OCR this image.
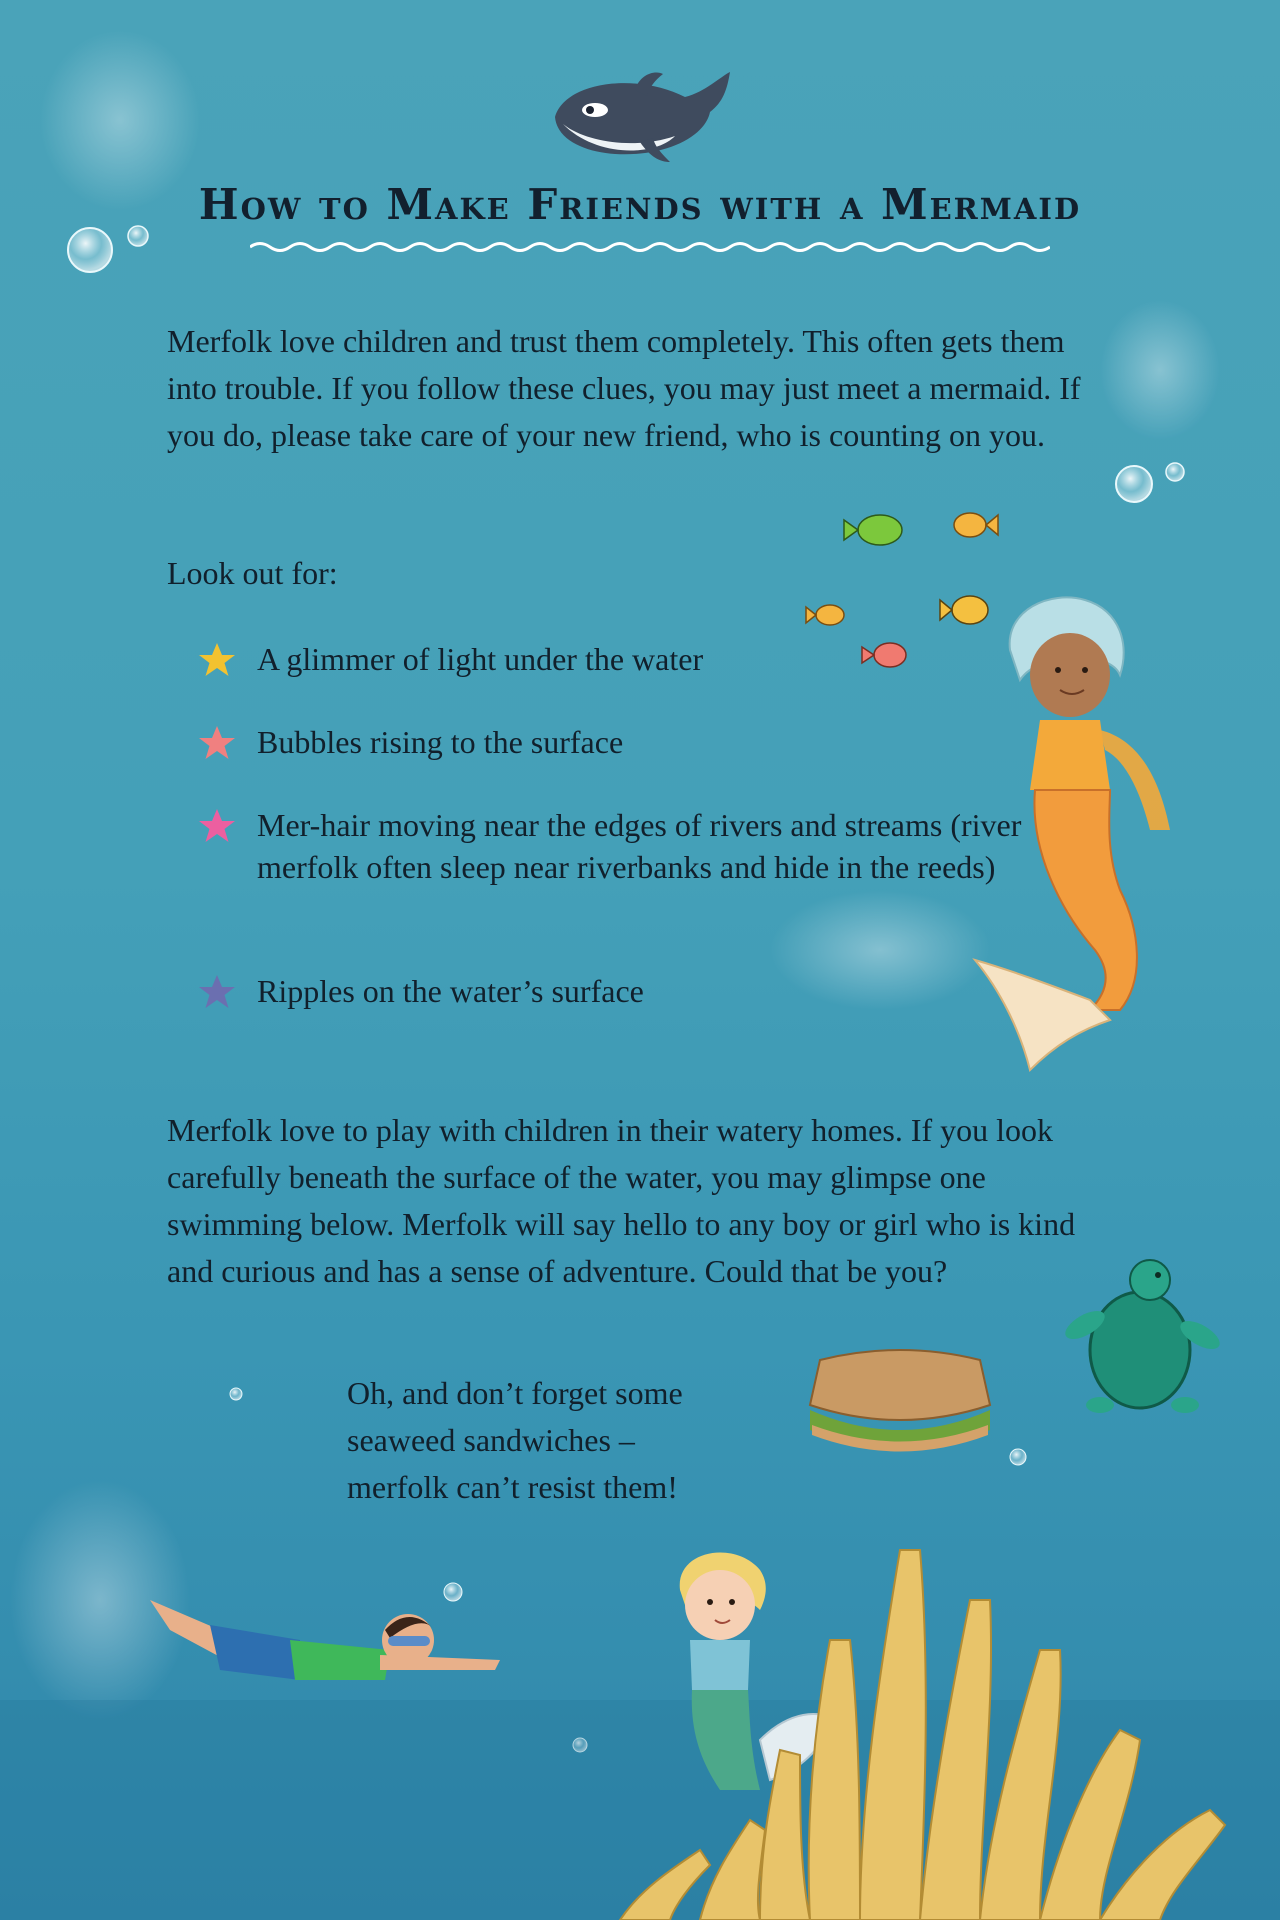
How to Make Friends with a Mermaid

Merfolk love children and trust them completely. This often gets them into trouble. If you follow these clues, you may just meet a mermaid. If you do, please take care of your new friend, who is counting on you.

Look out for:
A glimmer of light under the water
Bubbles rising to the surface
Mer-hair moving near the edges of rivers and streams (river merfolk often sleep near riverbanks and hide in the reeds)
Ripples on the water’s surface

Merfolk love to play with children in their watery homes. If you look carefully beneath the surface of the water, you may glimpse one swimming below. Merfolk will say hello to any boy or girl who is kind and curious and has a sense of adventure. Could that be you?

Oh, and don’t forget some
seaweed sandwiches –
merfolk can’t resist them!
